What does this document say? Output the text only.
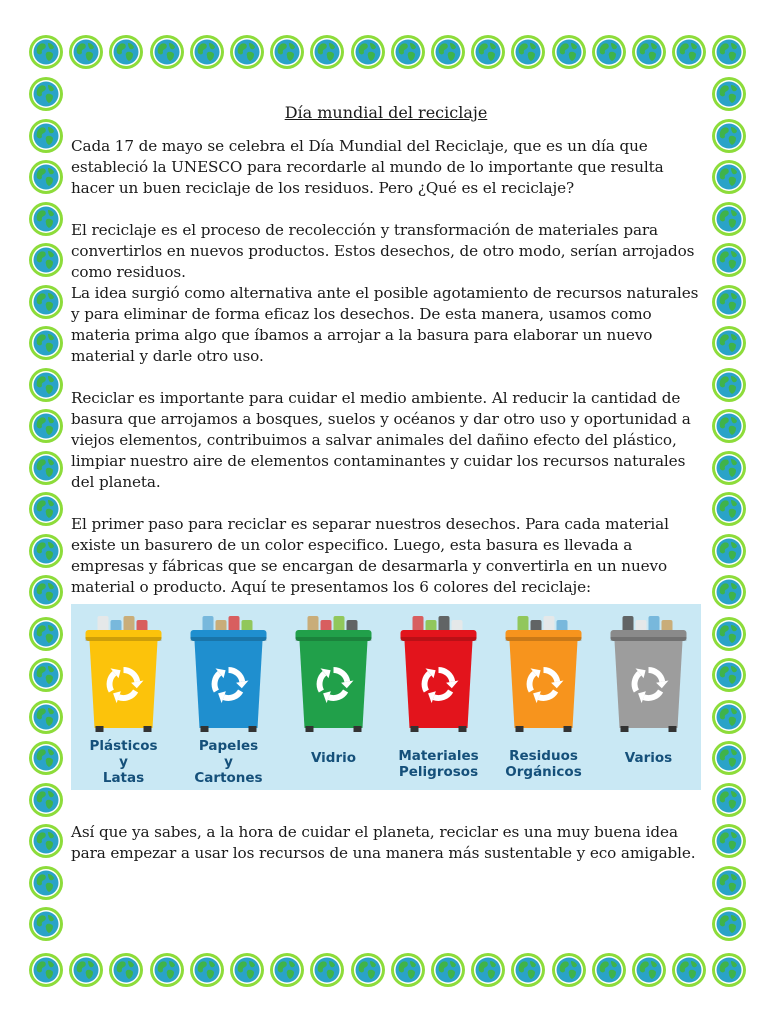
Día mundial del reciclaje

Cada 17 de mayo se celebra el Día Mundial del Reciclaje, que es un día que estableció la UNESCO para recordarle al mundo de lo importante que resulta hacer un buen reciclaje de los residuos. Pero ¿Qué es el reciclaje?

El reciclaje es el proceso de recolección y transformación de materiales para convertirlos en nuevos productos. Estos desechos, de otro modo, serían arrojados como residuos.

La idea surgió como alternativa ante el posible agotamiento de recursos naturales y para eliminar de forma eficaz los desechos. De esta manera, usamos como materia prima algo que íbamos a arrojar a la basura para elaborar un nuevo material y darle otro uso.

Reciclar es importante para cuidar el medio ambiente. Al reducir la cantidad de basura que arrojamos a bosques, suelos y océanos y dar otro uso y oportunidad a viejos elementos, contribuimos a salvar animales del dañino efecto del plástico, limpiar nuestro aire de elementos contaminantes y cuidar los recursos naturales del planeta.

El primer paso para reciclar es separar nuestros desechos. Para cada material existe un basurero de un color especifico. Luego, esta basura es llevada a empresas y fábricas que se encargan de desarmarla y convertirla en un nuevo material o producto. Aquí te presentamos los 6 colores del reciclaje:

Plásticos
y
Latas
Papeles
y
Cartones
Vidrio	Materiales
Peligrosos
Residuos
Orgánicos
Varios

Así que ya sabes, a la hora de cuidar el planeta, reciclar es una muy buena idea para empezar a usar los recursos de una manera más sustentable y eco amigable.
